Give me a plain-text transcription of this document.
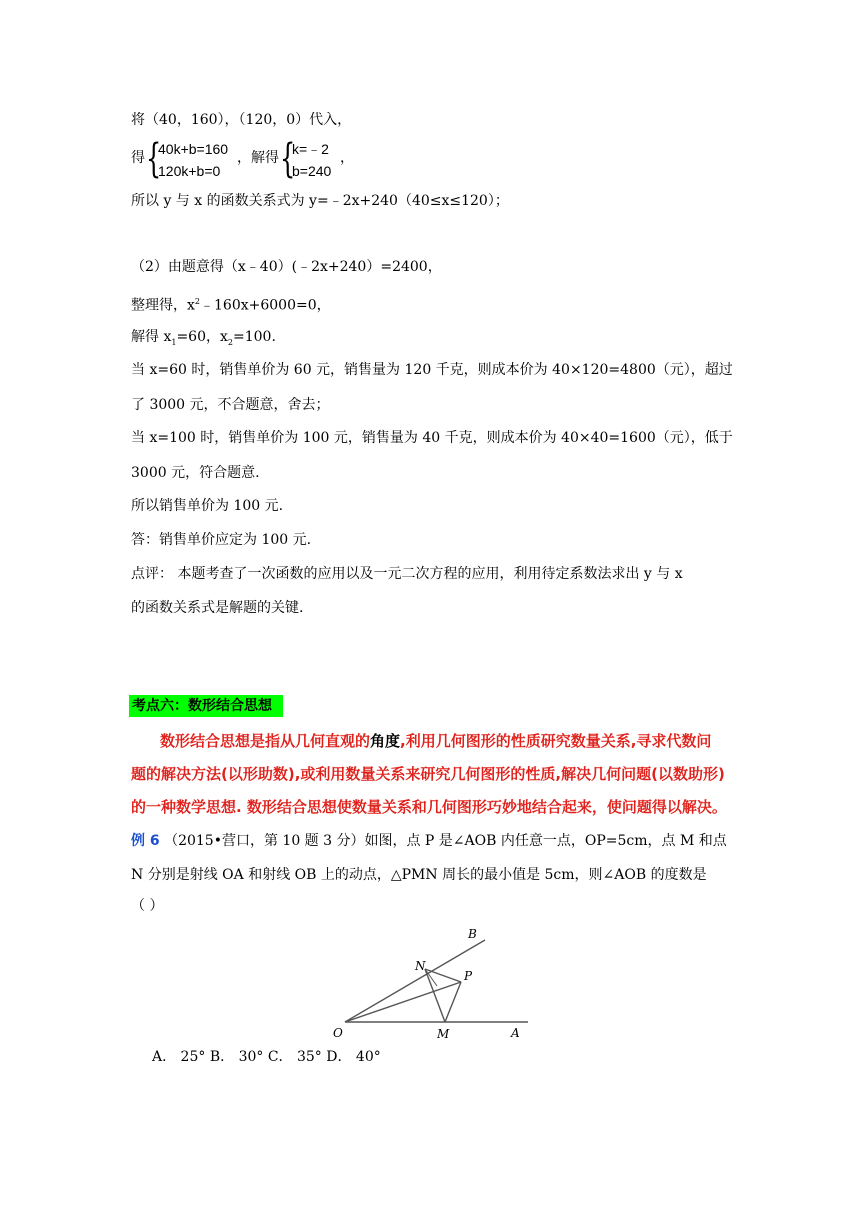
将（40，160），（120，0）代入，
得 {
40k+b=160
120k+b=0
，解得 {
k=﹣2
b=240
，
所以 y 与 x 的函数关系式为 y=﹣2x+240（40≤x≤120）；
（2）由题意得（x﹣40）(﹣2x+240）=2400，
整理得，$x^2﹣160x+6000=0$，
解得 $x_1=60$，$x_2=100$.
当 x=60 时，销售单价为 60 元，销售量为 120 千克，则成本价为 40×120=4800（元），超过
了 3000 元，不合题意，舍去；
当 x=100 时，销售单价为 100 元，销售量为 40 千克，则成本价为 40×40=1600（元），低于
3000 元，符合题意.
所以销售单价为 100 元.
答：销售单价应定为 100 元.
点评： 本题考查了一次函数的应用以及一元二次方程的应用，利用待定系数法求出 y 与 x
的函数关系式是解题的关键.
考点六：数形结合思想
数形结合思想是指从几何直观的角度,利用几何图形的性质研究数量关系,寻求代数问
题的解决方法(以形助数),或利用数量关系来研究几何图形的性质,解决几何问题(以数助形)
的一种数学思想. 数形结合思想使数量关系和几何图形巧妙地结合起来，使问题得以解决。
例 6 （2015•营口，第 10 题 3 分）如图，点 P 是∠AOB 内任意一点，OP=5cm，点 M 和点
N 分别是射线 OA 和射线 OB 上的动点，△PMN 周长的最小值是 5cm，则∠AOB 的度数是
（ ）
O	A
B
N
P
M
A． 25° B． 30° C． 35° D． 40°
